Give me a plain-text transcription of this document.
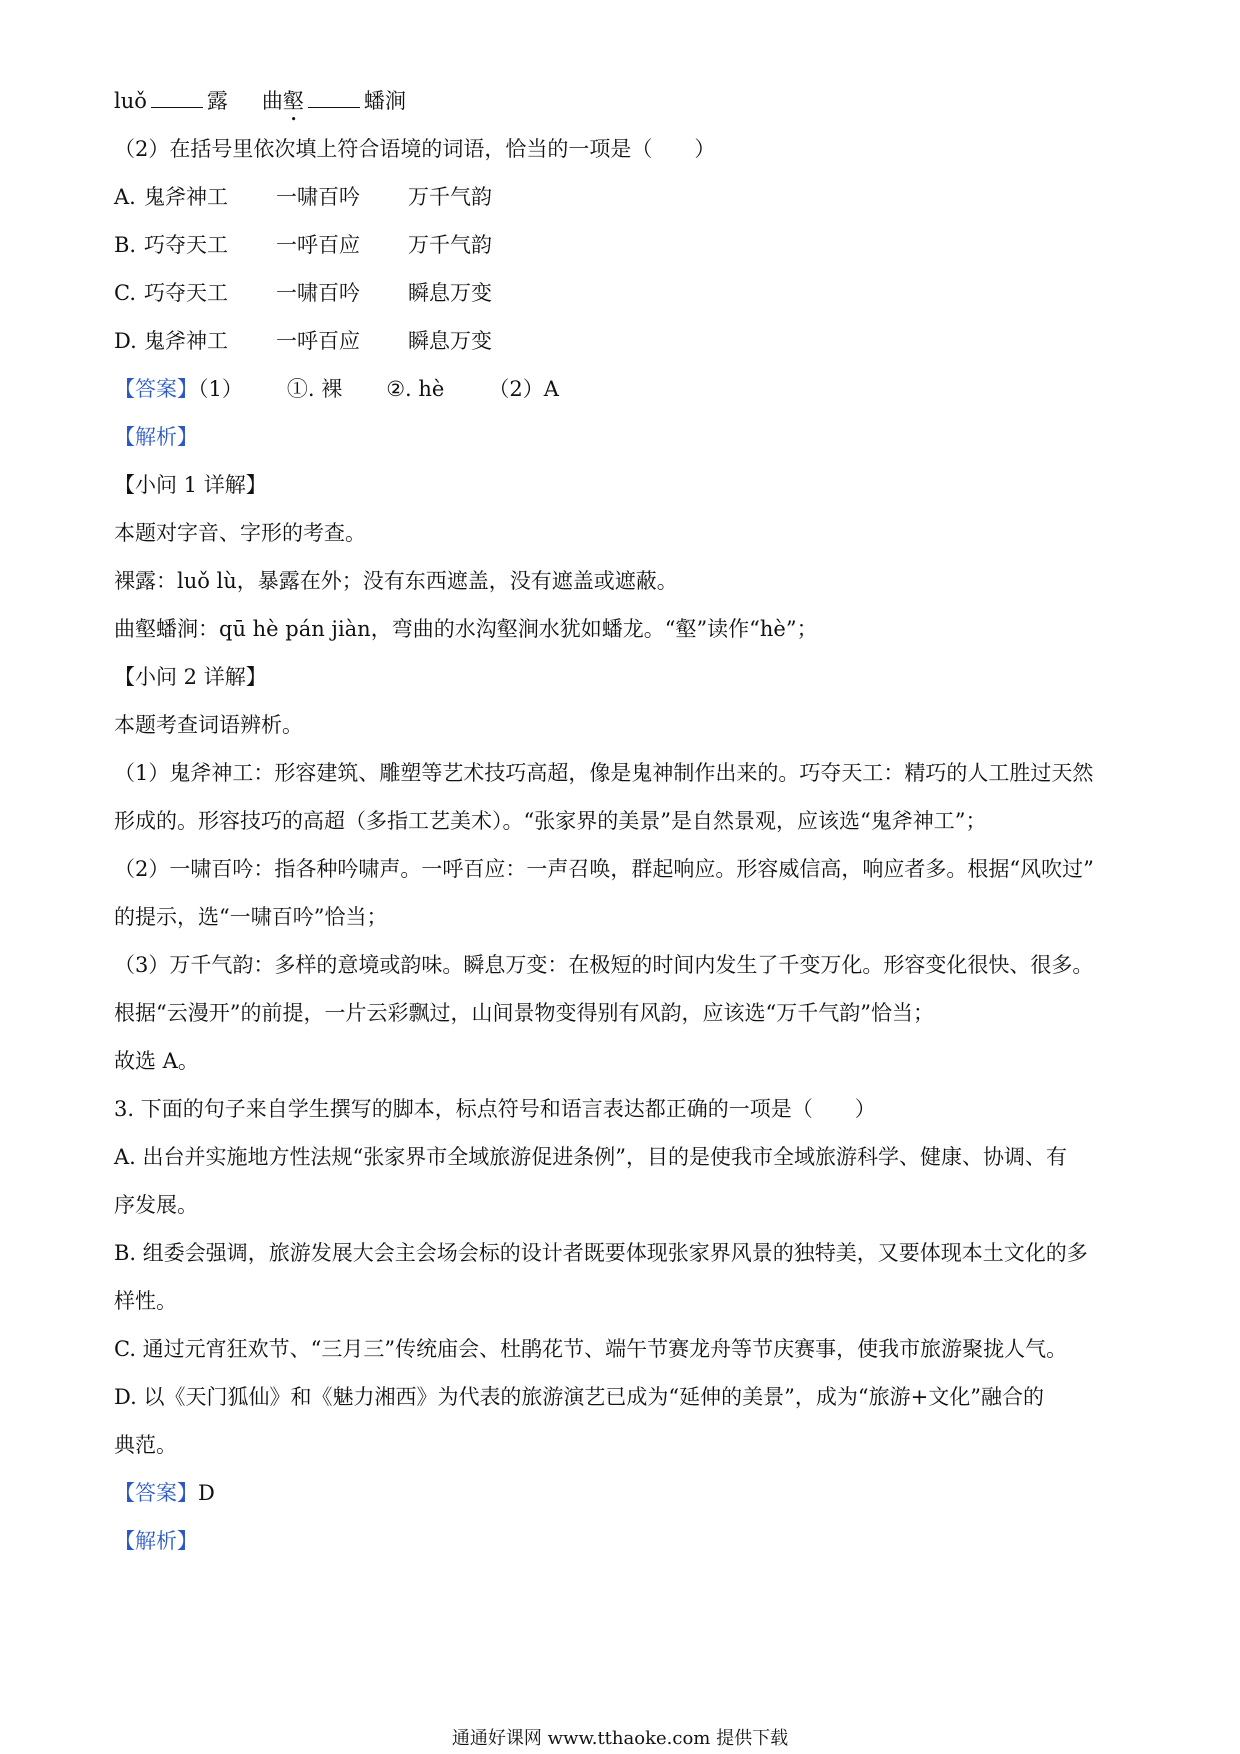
luǒ	露 曲壑	蟠涧
（2）在括号里依次填上符合语境的词语，恰当的一项是（　　）
A. 鬼斧神工 一啸百吟 万千气韵
B. 巧夺天工 一呼百应 万千气韵
C. 巧夺天工 一啸百吟 瞬息万变
D. 鬼斧神工 一呼百应 瞬息万变
【答案】（1） ①. 裸 ②. hè （2）A
【解析】
【小问 1 详解】
本题对字音、字形的考查。
裸露：luǒ lù，暴露在外；没有东西遮盖，没有遮盖或遮蔽。
曲壑蟠涧：qū hè pán jiàn，弯曲的水沟壑涧水犹如蟠龙。“壑”读作“hè”；
【小问 2 详解】
本题考查词语辨析。
（1）鬼斧神工：形容建筑、雕塑等艺术技巧高超，像是鬼神制作出来的。巧夺天工：精巧的人工胜过天然
形成的。形容技巧的高超（多指工艺美术）。“张家界的美景”是自然景观，应该选“鬼斧神工”；
（2）一啸百吟：指各种吟啸声。一呼百应：一声召唤，群起响应。形容威信高，响应者多。根据“风吹过”
的提示，选“一啸百吟”恰当；
（3）万千气韵：多样的意境或韵味。瞬息万变：在极短的时间内发生了千变万化。形容变化很快、很多。
根据“云漫开”的前提，一片云彩飘过，山间景物变得别有风韵，应该选“万千气韵”恰当；
故选 A。
3. 下面的句子来自学生撰写的脚本，标点符号和语言表达都正确的一项是（　　）
A. 出台并实施地方性法规“张家界市全域旅游促进条例”，目的是使我市全域旅游科学、健康、协调、有
序发展。
B. 组委会强调，旅游发展大会主会场会标的设计者既要体现张家界风景的独特美，又要体现本土文化的多
样性。
C. 通过元宵狂欢节、“三月三”传统庙会、杜鹃花节、端午节赛龙舟等节庆赛事，使我市旅游聚拢人气。
D. 以《天门狐仙》和《魅力湘西》为代表的旅游演艺已成为“延伸的美景”，成为“旅游+文化”融合的
典范。
【答案】D
【解析】
通通好课网 www.tthaoke.com 提供下载
